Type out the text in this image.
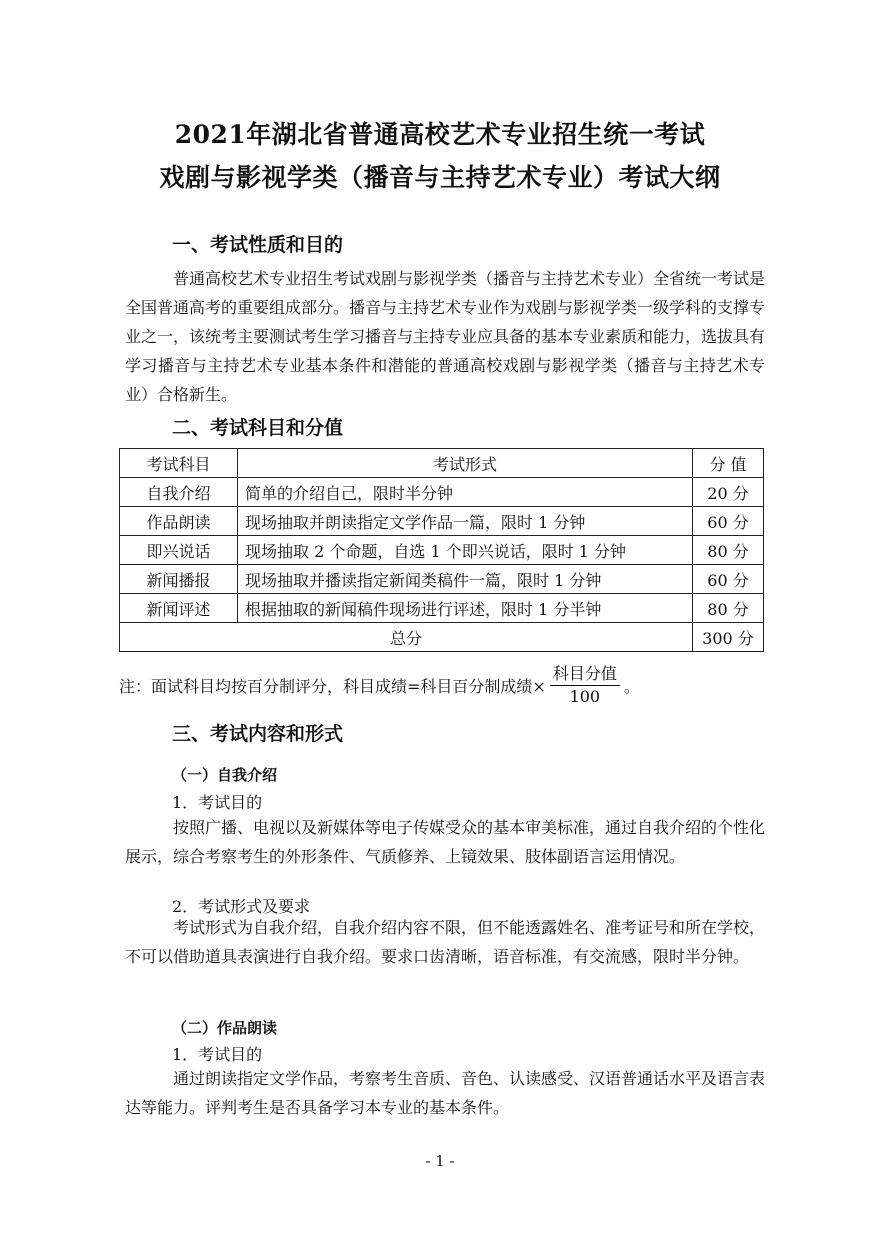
2021年湖北省普通高校艺术专业招生统一考试
戏剧与影视学类（播音与主持艺术专业）考试大纲
一、考试性质和目的
普通高校艺术专业招生考试戏剧与影视学类（播音与主持艺术专业）全省统一考试是全国普通高考的重要组成部分。播音与主持艺术专业作为戏剧与影视学类一级学科的支撑专业之一，该统考主要测试考生学习播音与主持专业应具备的基本专业素质和能力，选拔具有学习播音与主持艺术专业基本条件和潜能的普通高校戏剧与影视学类（播音与主持艺术专业）合格新生。
二、考试科目和分值
考试科目	考试形式	分 值
自我介绍	简单的介绍自己，限时半分钟	20 分
作品朗读	现场抽取并朗读指定文学作品一篇，限时 1 分钟	60 分
即兴说话	现场抽取 2 个命题，自选 1 个即兴说话，限时 1 分钟	80 分
新闻播报	现场抽取并播读指定新闻类稿件一篇，限时 1 分钟	60 分
新闻评述	根据抽取的新闻稿件现场进行评述，限时 1 分半钟	80 分
总分		300 分
注：面试科目均按百分制评分，科目成绩=科目百分制成绩× $\frac{\text{科目分值}}{100}$ 。
三、考试内容和形式
（一）自我介绍
1．考试目的
按照广播、电视以及新媒体等电子传媒受众的基本审美标准，通过自我介绍的个性化展示，综合考察考生的外形条件、气质修养、上镜效果、肢体副语言运用情况。
2．考试形式及要求
考试形式为自我介绍，自我介绍内容不限，但不能透露姓名、准考证号和所在学校，不可以借助道具表演进行自我介绍。要求口齿清晰，语音标准，有交流感，限时半分钟。
（二）作品朗读
1．考试目的
通过朗读指定文学作品，考察考生音质、音色、认读感受、汉语普通话水平及语言表达等能力。评判考生是否具备学习本专业的基本条件。
- 1 -
